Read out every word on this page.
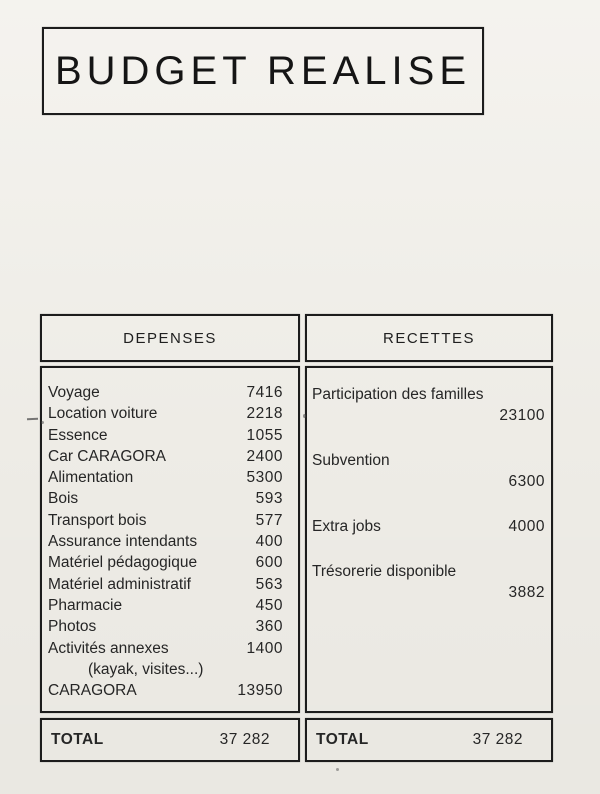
BUDGET REALISE
DEPENSES
Voyage	7416
Location voiture	2218
Essence	1055
Car CARAGORA	2400
Alimentation	5300
Bois	593
Transport bois	577
Assurance intendants	400
Matériel pédagogique	600
Matériel administratif	563
Pharmacie	450
Photos	360
Activités annexes	1400
(kayak, visites...)
CARAGORA	13950
TOTAL	37 282
RECETTES
Participation des familles
23100
Subvention
6300
Extra jobs	4000
Trésorerie disponible
3882
TOTAL	37 282
